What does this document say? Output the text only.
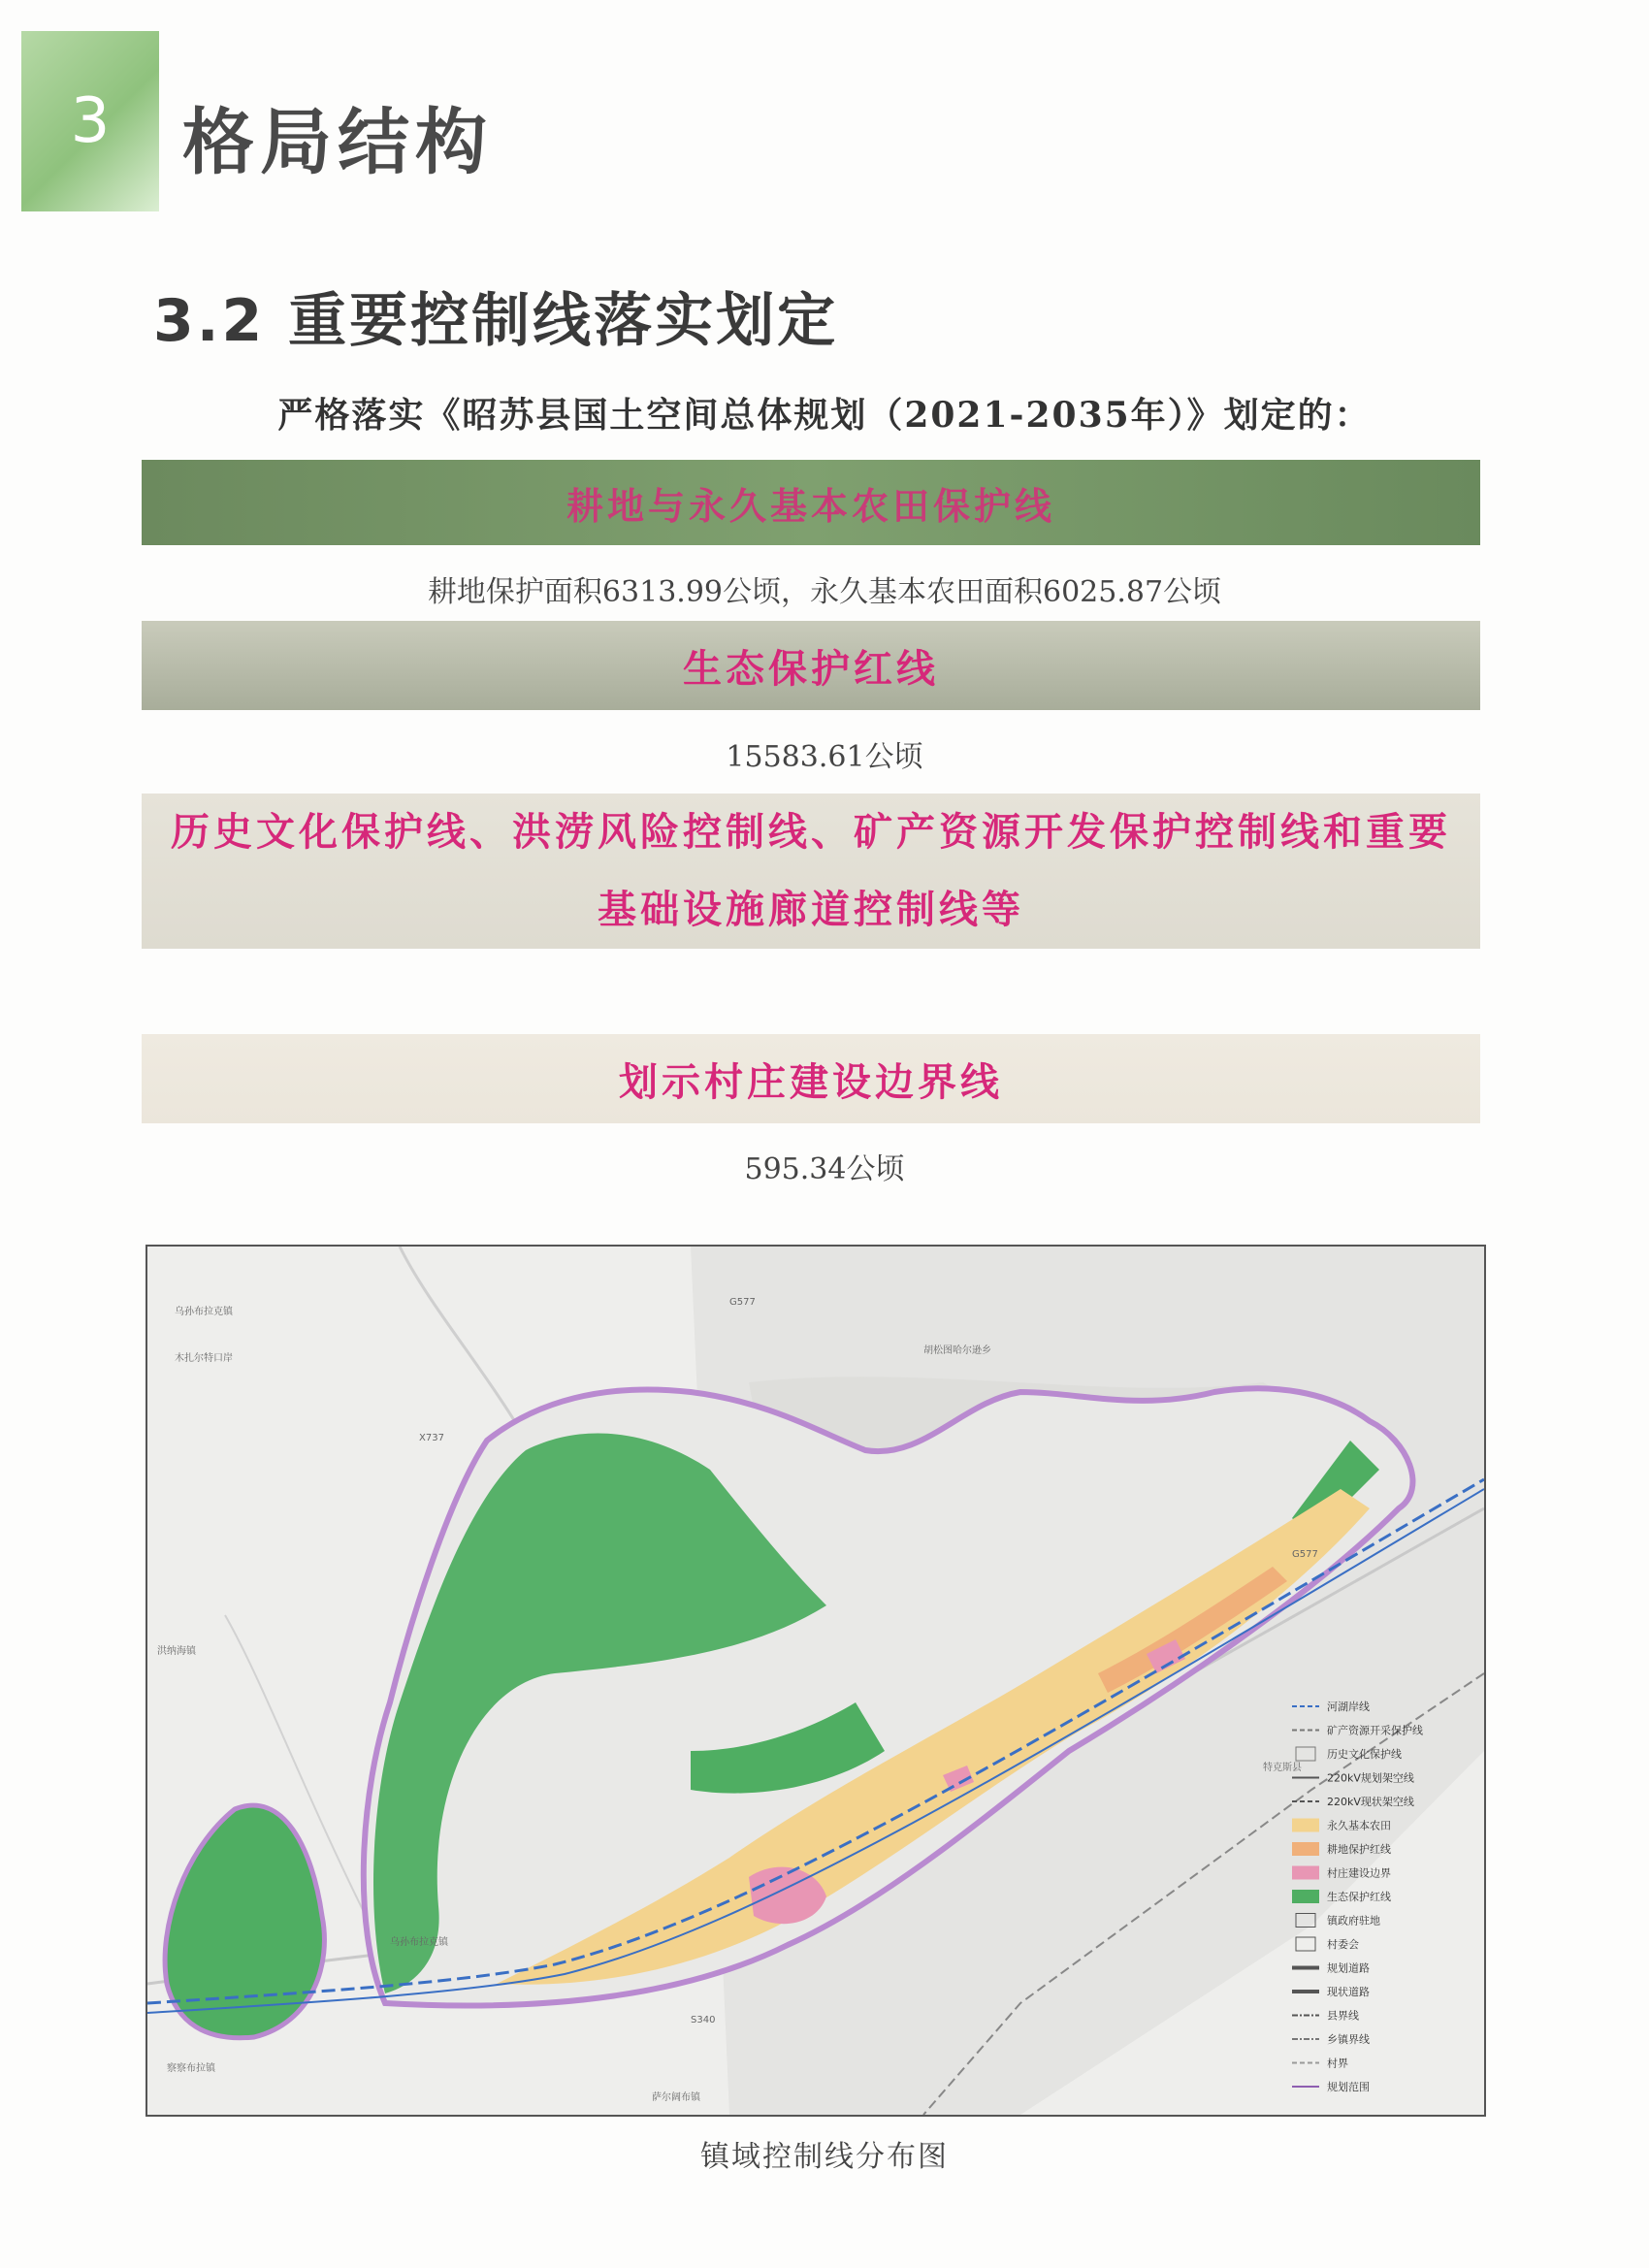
3 格局结构
3.2 重要控制线落实划定
严格落实《昭苏县国土空间总体规划（2021-2035年）》划定的：
耕地与永久基本农田保护线
耕地保护面积6313.99公顷，永久基本农田面积6025.87公顷
生态保护红线
15583.61公顷
历史文化保护线、洪涝风险控制线、矿产资源开发保护控制线和重要基础设施廊道控制线等
划示村庄建设边界线
595.34公顷
乌孙布拉克镇
木扎尔特口岸
X737
胡松图哈尔逊乡
特克斯县
G577
洪纳海镇
乌孙布拉克镇
G577
S340
察察布拉镇
萨尔阔布镇
河湖岸线
矿产资源开采保护线
历史文化保护线
220kV规划架空线
220kV现状架空线
永久基本农田
耕地保护红线
村庄建设边界
生态保护红线
镇政府驻地
村委会
规划道路
现状道路
县界线
乡镇界线
村界
规划范围
镇域控制线分布图
